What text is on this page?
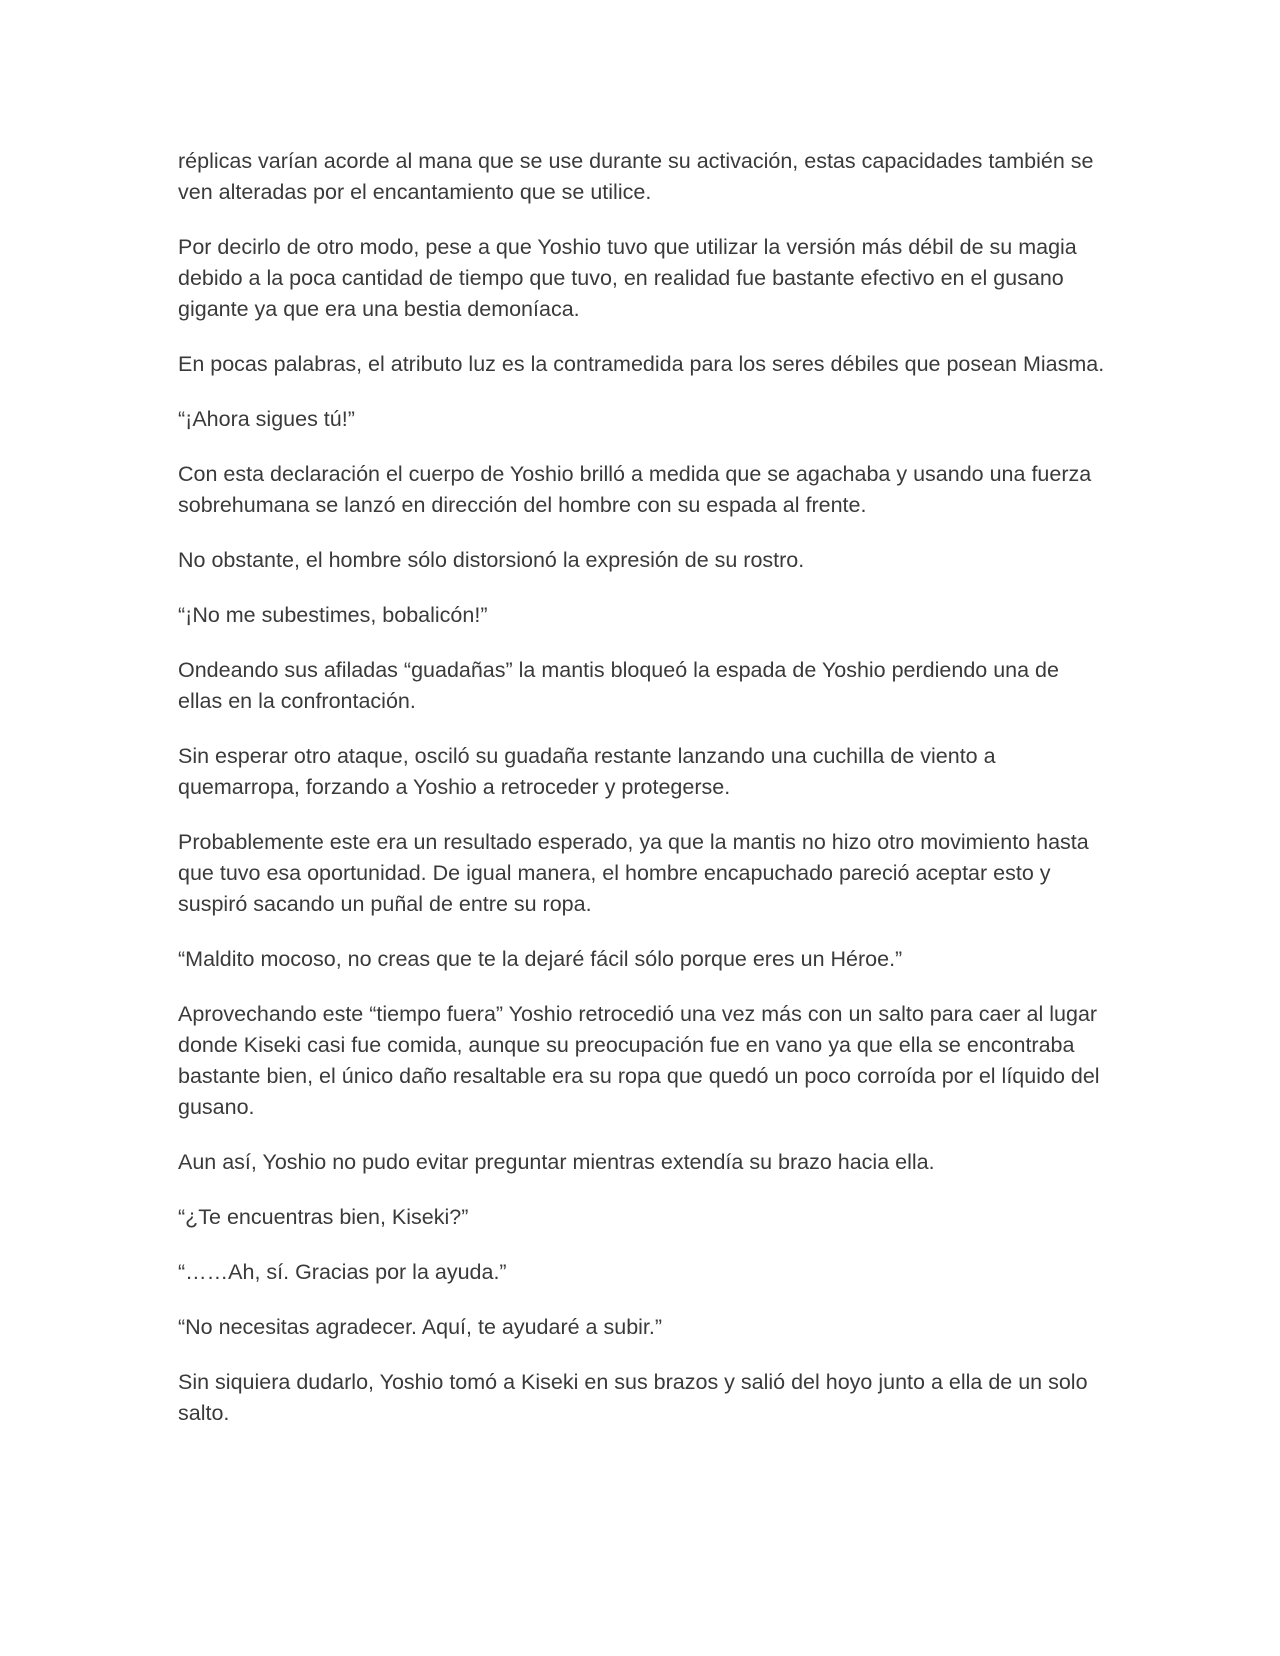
réplicas varían acorde al mana que se use durante su activación, estas capacidades también se ven alteradas por el encantamiento que se utilice.

Por decirlo de otro modo, pese a que Yoshio tuvo que utilizar la versión más débil de su magia debido a la poca cantidad de tiempo que tuvo, en realidad fue bastante efectivo en el gusano gigante ya que era una bestia demoníaca.

En pocas palabras, el atributo luz es la contramedida para los seres débiles que posean Miasma.

“¡Ahora sigues tú!”

Con esta declaración el cuerpo de Yoshio brilló a medida que se agachaba y usando una fuerza sobrehumana se lanzó en dirección del hombre con su espada al frente.

No obstante, el hombre sólo distorsionó la expresión de su rostro.

“¡No me subestimes, bobalicón!”

Ondeando sus afiladas “guadañas” la mantis bloqueó la espada de Yoshio perdiendo una de ellas en la confrontación.

Sin esperar otro ataque, osciló su guadaña restante lanzando una cuchilla de viento a quemarropa, forzando a Yoshio a retroceder y protegerse.

Probablemente este era un resultado esperado, ya que la mantis no hizo otro movimiento hasta que tuvo esa oportunidad. De igual manera, el hombre encapuchado pareció aceptar esto y suspiró sacando un puñal de entre su ropa.

“Maldito mocoso, no creas que te la dejaré fácil sólo porque eres un Héroe.”

Aprovechando este “tiempo fuera” Yoshio retrocedió una vez más con un salto para caer al lugar donde Kiseki casi fue comida, aunque su preocupación fue en vano ya que ella se encontraba bastante bien, el único daño resaltable era su ropa que quedó un poco corroída por el líquido del gusano.

Aun así, Yoshio no pudo evitar preguntar mientras extendía su brazo hacia ella.

“¿Te encuentras bien, Kiseki?”

“……Ah, sí. Gracias por la ayuda.”

“No necesitas agradecer. Aquí, te ayudaré a subir.”

Sin siquiera dudarlo, Yoshio tomó a Kiseki en sus brazos y salió del hoyo junto a ella de un solo salto.
